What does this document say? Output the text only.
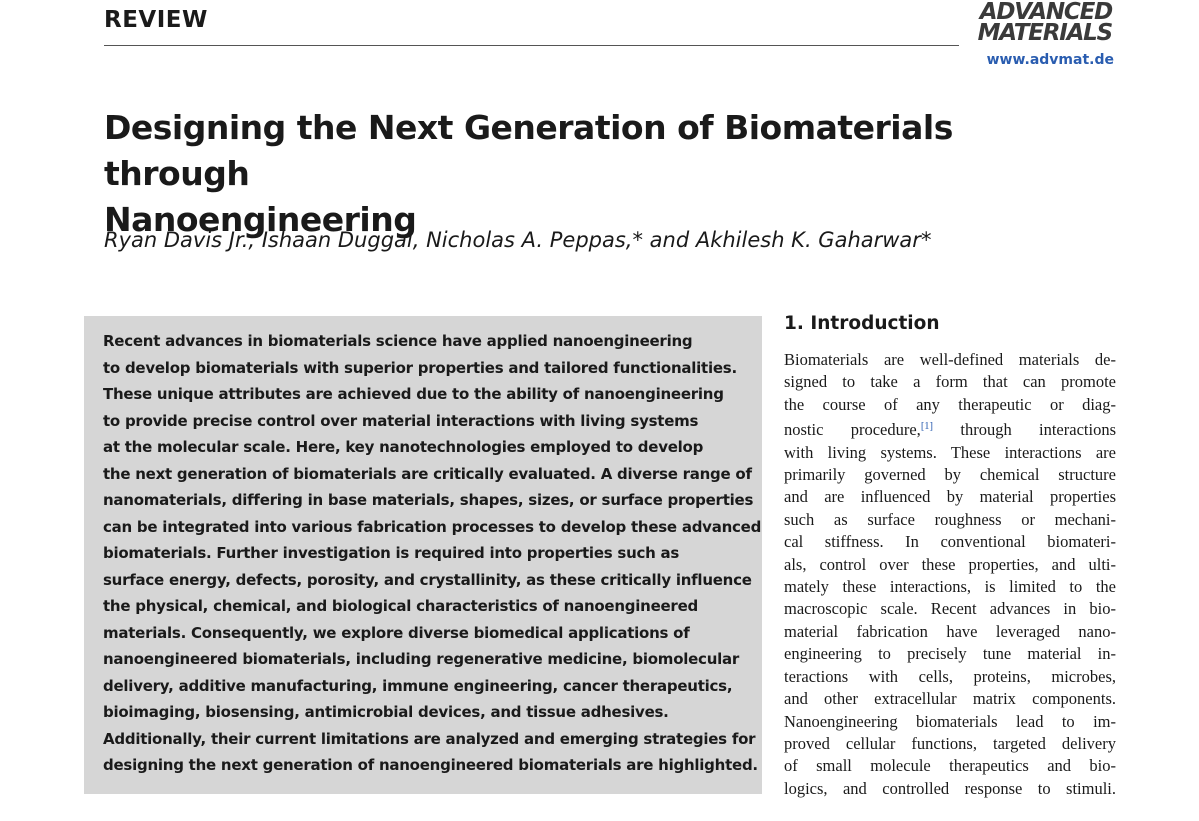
REVIEW	ADVANCED
MATERIALS
www.advmat.de
Designing the Next Generation of Biomaterials through
Nanoengineering

Ryan Davis Jr., Ishaan Duggal, Nicholas A. Peppas,* and Akhilesh K. Gaharwar*

Recent advances in biomaterials science have applied nanoengineering
to develop biomaterials with superior properties and tailored functionalities.
These unique attributes are achieved due to the ability of nanoengineering
to provide precise control over material interactions with living systems
at the molecular scale. Here, key nanotechnologies employed to develop
the next generation of biomaterials are critically evaluated. A diverse range of
nanomaterials, differing in base materials, shapes, sizes, or surface properties
can be integrated into various fabrication processes to develop these advanced
biomaterials. Further investigation is required into properties such as
surface energy, defects, porosity, and crystallinity, as these critically influence
the physical, chemical, and biological characteristics of nanoengineered
materials. Consequently, we explore diverse biomedical applications of
nanoengineered biomaterials, including regenerative medicine, biomolecular
delivery, additive manufacturing, immune engineering, cancer therapeutics,
bioimaging, biosensing, antimicrobial devices, and tissue adhesives.
Additionally, their current limitations are analyzed and emerging strategies for
designing the next generation of nanoengineered biomaterials are highlighted.
1. Introduction
Biomaterials are well-defined materials de-
signed to take a form that can promote
the course of any therapeutic or diag-
nostic procedure,[1] through interactions
with living systems. These interactions are
primarily governed by chemical structure
and are influenced by material properties
such as surface roughness or mechani-
cal stiffness. In conventional biomateri-
als, control over these properties, and ulti-
mately these interactions, is limited to the
macroscopic scale. Recent advances in bio-
material fabrication have leveraged nano-
engineering to precisely tune material in-
teractions with cells, proteins, microbes,
and other extracellular matrix components.
Nanoengineering biomaterials lead to im-
proved cellular functions, targeted delivery
of small molecule therapeutics and bio-
logics, and controlled response to stimuli.
